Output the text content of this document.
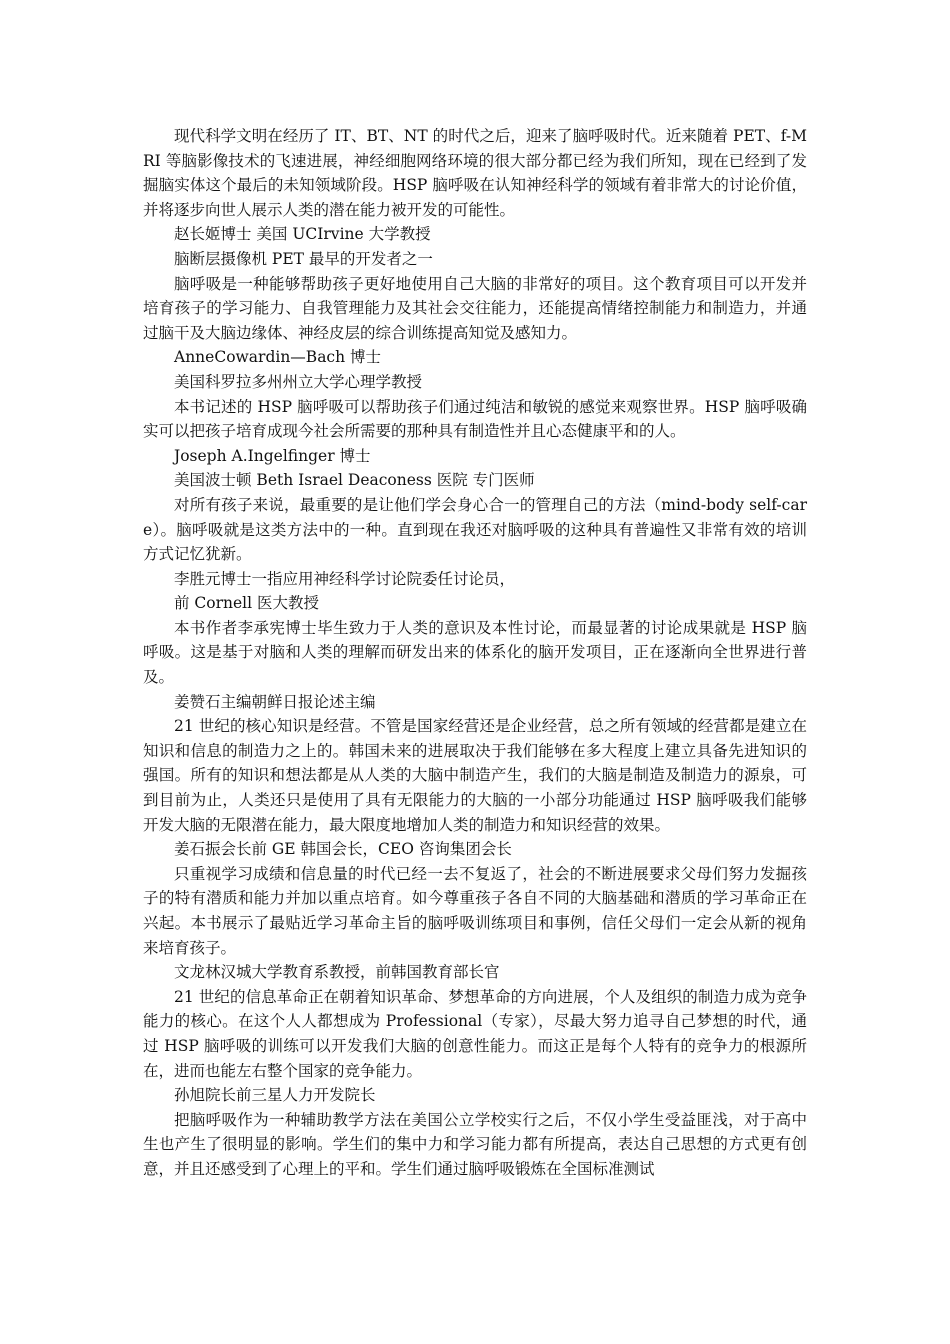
现代科学文明在经历了 IT、BT、NT 的时代之后，迎来了脑呼吸时代。近来随着 PET、f-MRI 等脑影像技术的飞速进展，神经细胞网络环境的很大部分都已经为我们所知，现在已经到了发掘脑实体这个最后的未知领域阶段。HSP 脑呼吸在认知神经科学的领域有着非常大的讨论价值，并将逐步向世人展示人类的潜在能力被开发的可能性。

赵长姬博士 美国 UCIrvine 大学教授

脑断层摄像机 PET 最早的开发者之一

脑呼吸是一种能够帮助孩子更好地使用自己大脑的非常好的项目。这个教育项目可以开发并培育孩子的学习能力、自我管理能力及其社会交往能力，还能提高情绪控制能力和制造力，并通过脑干及大脑边缘体、神经皮层的综合训练提高知觉及感知力。

AnneCowardin—Bach 博士

美国科罗拉多州州立大学心理学教授

本书记述的 HSP 脑呼吸可以帮助孩子们通过纯洁和敏锐的感觉来观察世界。HSP 脑呼吸确实可以把孩子培育成现今社会所需要的那种具有制造性并且心态健康平和的人。

Joseph A.Ingelfinger 博士

美国波士顿 Beth Israel Deaconess 医院 专门医师

对所有孩子来说，最重要的是让他们学会身心合一的管理自己的方法（mind-body self-care）。脑呼吸就是这类方法中的一种。直到现在我还对脑呼吸的这种具有普遍性又非常有效的培训方式记忆犹新。

李胜元博士一指应用神经科学讨论院委任讨论员，

前 Cornell 医大教授

本书作者李承宪博士毕生致力于人类的意识及本性讨论，而最显著的讨论成果就是 HSP 脑呼吸。这是基于对脑和人类的理解而研发出来的体系化的脑开发项目，正在逐渐向全世界进行普及。

姜赞石主编朝鲜日报论述主编

21 世纪的核心知识是经营。不管是国家经营还是企业经营，总之所有领域的经营都是建立在知识和信息的制造力之上的。韩国未来的进展取决于我们能够在多大程度上建立具备先进知识的强国。所有的知识和想法都是从人类的大脑中制造产生，我们的大脑是制造及制造力的源泉，可到目前为止，人类还只是使用了具有无限能力的大脑的一小部分功能通过 HSP 脑呼吸我们能够开发大脑的无限潜在能力，最大限度地增加人类的制造力和知识经营的效果。

姜石振会长前 GE 韩国会长，CEO 咨询集团会长

只重视学习成绩和信息量的时代已经一去不复返了，社会的不断进展要求父母们努力发掘孩子的特有潜质和能力并加以重点培育。如今尊重孩子各自不同的大脑基础和潜质的学习革命正在兴起。本书展示了最贴近学习革命主旨的脑呼吸训练项目和事例，信任父母们一定会从新的视角来培育孩子。

文龙林汉城大学教育系教授，前韩国教育部长官

21 世纪的信息革命正在朝着知识革命、梦想革命的方向进展，个人及组织的制造力成为竞争能力的核心。在这个人人都想成为 Professional（专家），尽最大努力追寻自己梦想的时代，通过 HSP 脑呼吸的训练可以开发我们大脑的创意性能力。而这正是每个人特有的竞争力的根源所在，进而也能左右整个国家的竞争能力。

孙旭院长前三星人力开发院长

把脑呼吸作为一种辅助教学方法在美国公立学校实行之后，不仅小学生受益匪浅，对于高中生也产生了很明显的影响。学生们的集中力和学习能力都有所提高，表达自己思想的方式更有创意，并且还感受到了心理上的平和。学生们通过脑呼吸锻炼在全国标准测试
